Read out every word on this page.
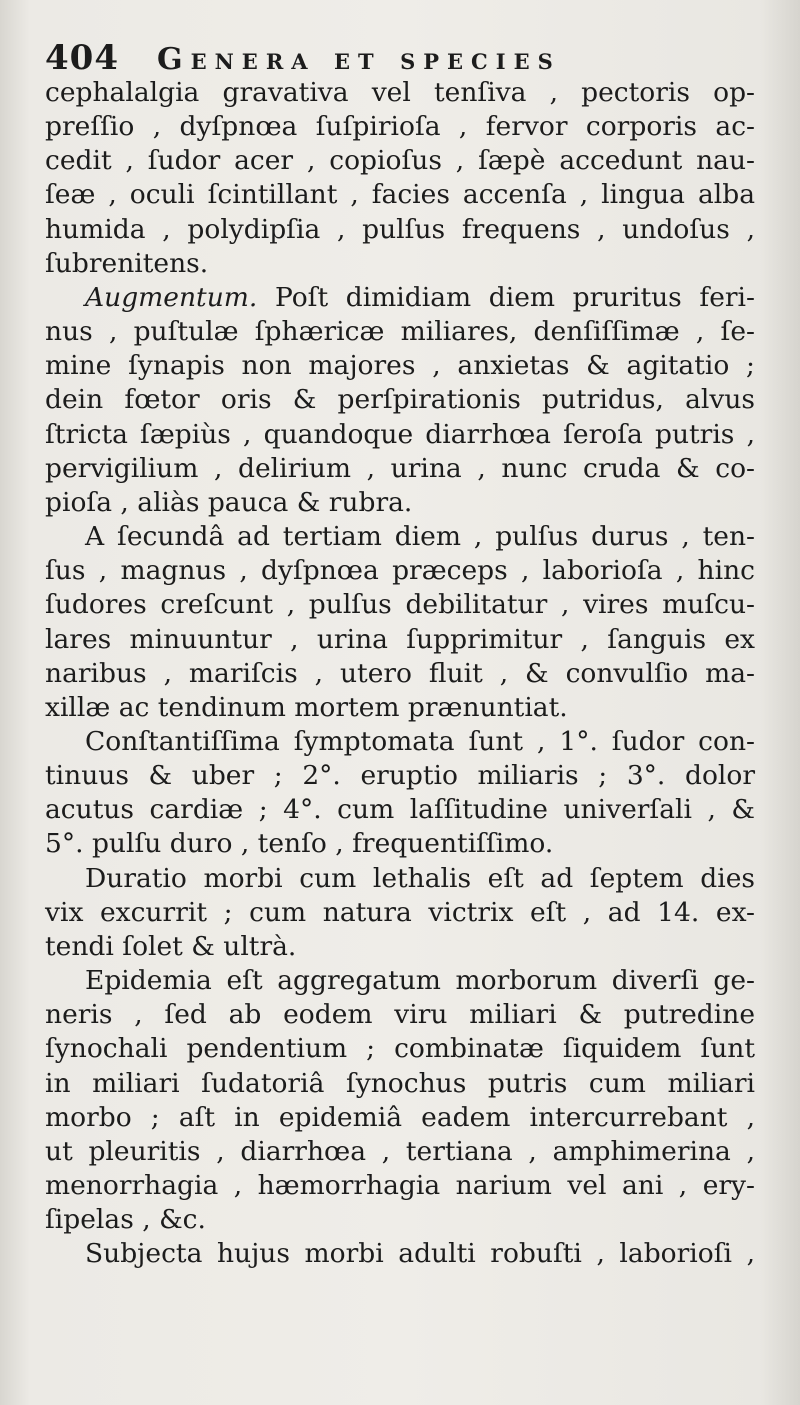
404 Genera et species
cephalalgia gravativa vel tenſiva , pectoris op-
preſſio , dyſpnœa ſuſpirioſa , fervor corporis ac-
cedit , ſudor acer , copioſus , ſæpè accedunt nau-
ſeæ , oculi ſcintillant , facies accenſa , lingua alba
humida , polydipſia , pulſus frequens , undoſus ,
ſubrenitens.
Augmentum. Poſt dimidiam diem pruritus feri-
nus , puſtulæ ſphæricæ miliares, denſiſſimæ , ſe-
mine ſynapis non majores , anxietas & agitatio ;
dein fœtor oris & perſpirationis putridus, alvus
ſtricta ſæpiùs , quandoque diarrhœa ſeroſa putris ,
pervigilium , delirium , urina , nunc cruda & co-
pioſa , aliàs pauca & rubra.
A ſecundâ ad tertiam diem , pulſus durus , ten-
ſus , magnus , dyſpnœa præceps , laborioſa , hinc
ſudores creſcunt , pulſus debilitatur , vires muſcu-
lares minuuntur , urina ſupprimitur , ſanguis ex
naribus , mariſcis , utero fluit , & convulſio ma-
xillæ ac tendinum mortem prænuntiat.
Conſtantiſſima ſymptomata ſunt , 1°. ſudor con-
tinuus & uber ; 2°. eruptio miliaris ; 3°. dolor
acutus cardiæ ; 4°. cum laſſitudine univerſali , &
5°. pulſu duro , tenſo , frequentiſſimo.
Duratio morbi cum lethalis eſt ad ſeptem dies
vix excurrit ; cum natura victrix eſt , ad 14. ex-
tendi ſolet & ultrà.
Epidemia eſt aggregatum morborum diverſi ge-
neris , ſed ab eodem viru miliari & putredine
ſynochali pendentium ; combinatæ ſiquidem ſunt
in miliari ſudatoriâ ſynochus putris cum miliari
morbo ; aſt in epidemiâ eadem intercurrebant ,
ut pleuritis , diarrhœa , tertiana , amphimerina ,
menorrhagia , hæmorrhagia narium vel ani , ery-
ſipelas , &c.
Subjecta hujus morbi adulti robuſti , laborioſi ,
